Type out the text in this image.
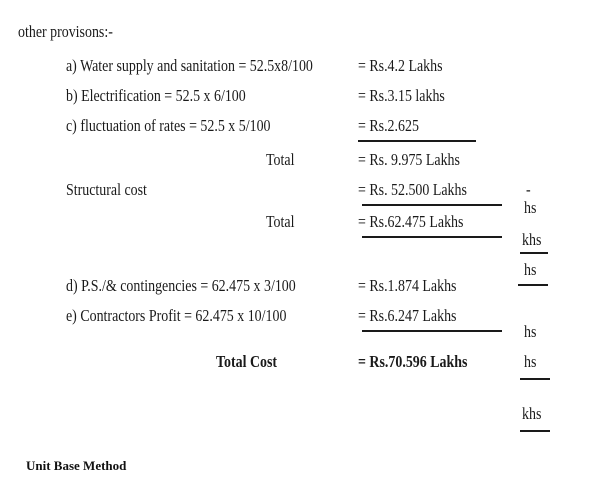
other provisons:-
a) Water supply and sanitation = 52.5x8/100	= Rs.4.2 Lakhs
b) Electrification = 52.5 x 6/100	= Rs.3.15 lakhs
c) fluctuation of rates = 52.5 x 5/100	= Rs.2.625
Total	= Rs. 9.975 Lakhs
Structural cost	= Rs. 52.500 Lakhs
Total	= Rs.62.475 Lakhs
d) P.S./& contingencies = 62.475 x 3/100	= Rs.1.874 Lakhs
e) Contractors Profit = 62.475 x 10/100	= Rs.6.247 Lakhs
Total Cost	= Rs.70.596 Lakhs
-
hs
khs
hs
hs
hs
khs
Unit Base Method
